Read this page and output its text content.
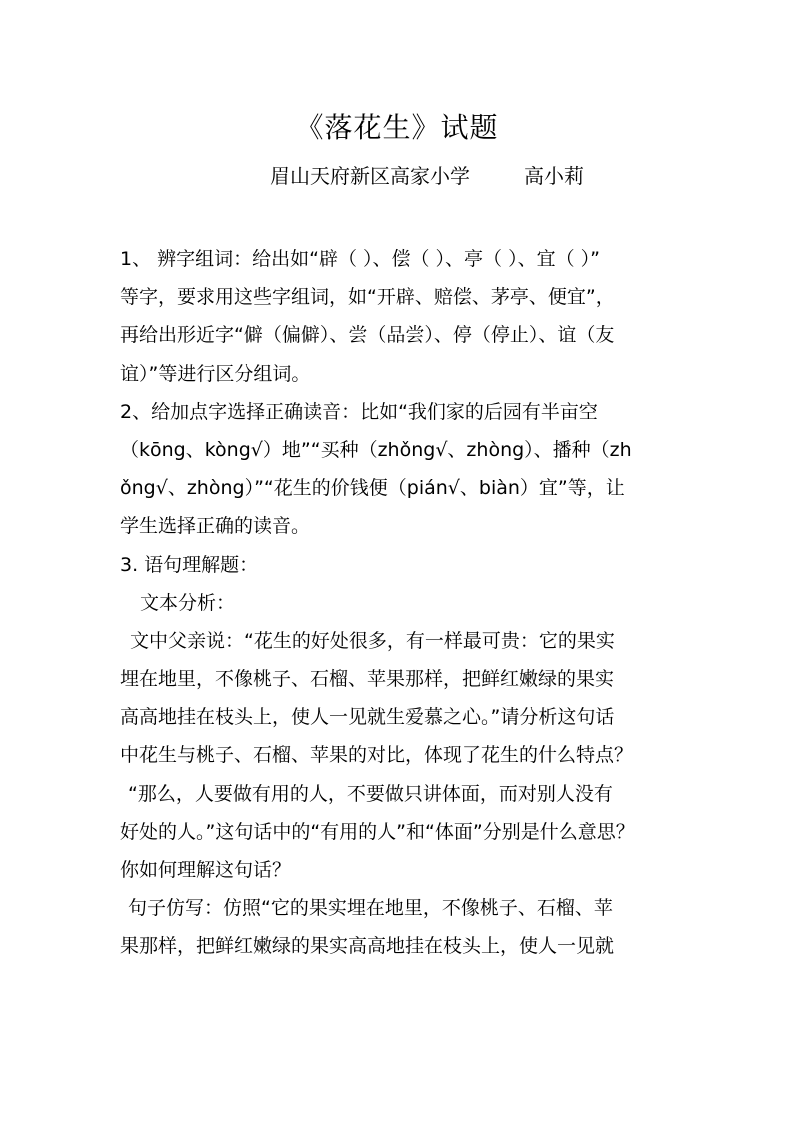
《落花生》试题
眉山天府新区高家小学	高小莉
1、 辨字组词：给出如“辟（ ）、偿（ ）、亭（ ）、宜（ ）”
等字，要求用这些字组词，如“开辟、赔偿、茅亭、便宜”，
再给出形近字“僻（偏僻）、尝（品尝）、停（停止）、谊（友
谊）”等进行区分组词。
2、给加点字选择正确读音：比如“我们家的后园有半亩空
（kōng、kòng√）地”“买种（zhǒng√、zhòng）、播种（zh
ǒng√、zhòng）”“花生的价钱便（pián√、biàn）宜”等，让
学生选择正确的读音。
3. 语句理解题：
文本分析：
文中父亲说：“花生的好处很多，有一样最可贵：它的果实
埋在地里，不像桃子、石榴、苹果那样，把鲜红嫩绿的果实
高高地挂在枝头上，使人一见就生爱慕之心。”请分析这句话
中花生与桃子、石榴、苹果的对比，体现了花生的什么特点？
“那么，人要做有用的人，不要做只讲体面，而对别人没有
好处的人。”这句话中的“有用的人”和“体面”分别是什么意思？
你如何理解这句话？
句子仿写：仿照“它的果实埋在地里，不像桃子、石榴、苹
果那样，把鲜红嫩绿的果实高高地挂在枝头上，使人一见就
